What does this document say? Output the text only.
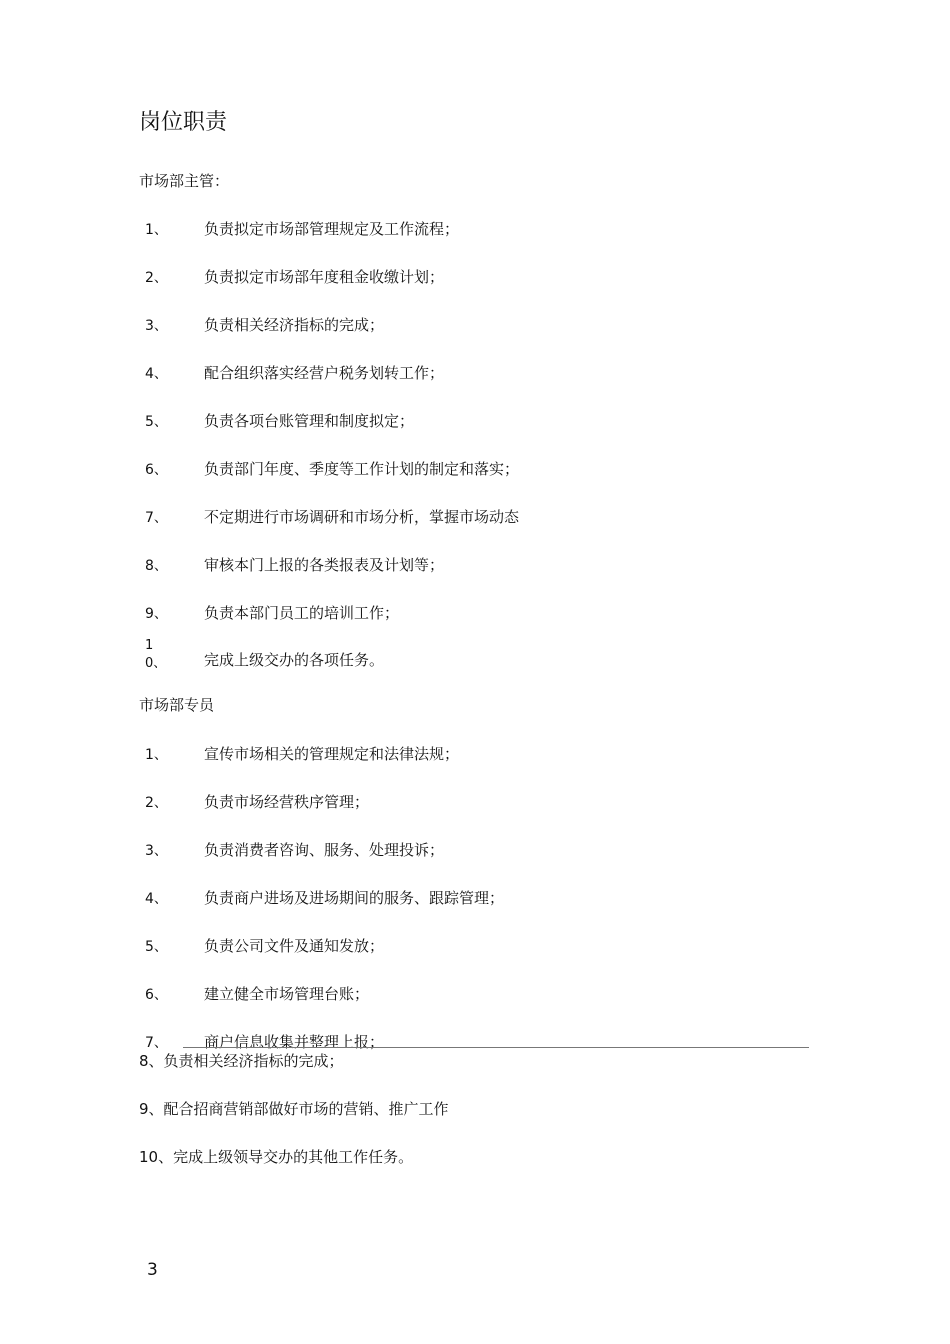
岗位职责
市场部主管：
1、 负责拟定市场部管理规定及工作流程；
2、 负责拟定市场部年度租金收缴计划；
3、 负责相关经济指标的完成；
4、 配合组织落实经营户税务划转工作；
5、 负责各项台账管理和制度拟定；
6、 负责部门年度、季度等工作计划的制定和落实；
7、 不定期进行市场调研和市场分析，掌握市场动态
8、 审核本门上报的各类报表及计划等；
9、 负责本部门员工的培训工作；
1
0、	完成上级交办的各项任务。
市场部专员
1、 宣传市场相关的管理规定和法律法规；
2、 负责市场经营秩序管理；
3、 负责消费者咨询、服务、处理投诉；
4、 负责商户进场及进场期间的服务、跟踪管理；
5、 负责公司文件及通知发放；
6、 建立健全市场管理台账；
7、 商户信息收集并整理上报；
8、负责相关经济指标的完成；
9、配合招商营销部做好市场的营销、推广工作
10、完成上级领导交办的其他工作任务。
3
